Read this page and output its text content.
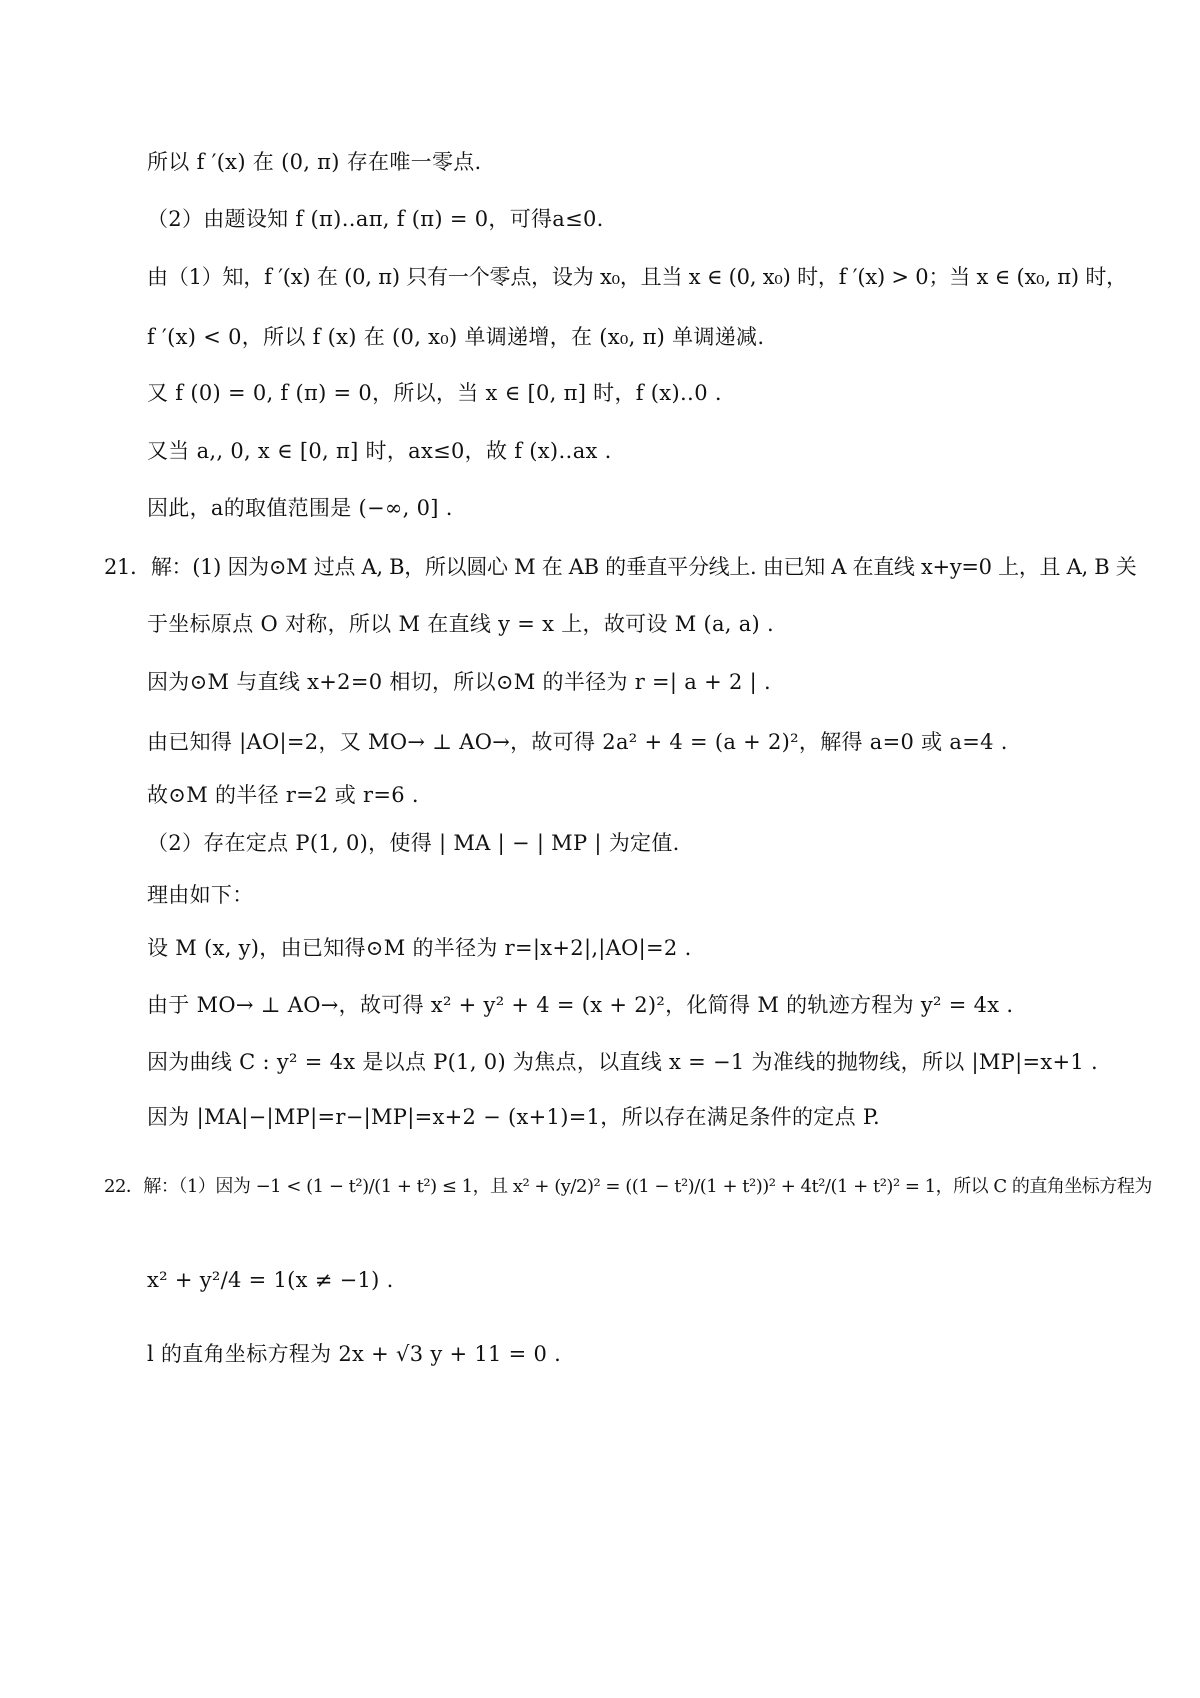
所以 f ′(x) 在 (0, π) 存在唯一零点.
（2）由题设知 f (π)‥aπ, f (π) = 0，可得a≤0.
由（1）知，f ′(x) 在 (0, π) 只有一个零点，设为 x₀，且当 x ∈ (0, x₀) 时，f ′(x) > 0；当 x ∈ (x₀, π) 时，
f ′(x) < 0，所以 f (x) 在 (0, x₀) 单调递增，在 (x₀, π) 单调递减.
又 f (0) = 0, f (π) = 0，所以，当 x ∈ [0, π] 时，f (x)‥0 .
又当 a,, 0, x ∈ [0, π] 时，ax≤0，故 f (x)‥ax .
因此，a的取值范围是 (−∞, 0] .
21．解：(1) 因为⊙M 过点 A, B，所以圆心 M 在 AB 的垂直平分线上. 由已知 A 在直线 x+y=0 上，且 A, B 关
于坐标原点 O 对称，所以 M 在直线 y = x 上，故可设 M (a, a) .
因为⊙M 与直线 x+2=0 相切，所以⊙M 的半径为 r =| a + 2 | .
由已知得 |AO|=2，又 MO→ ⊥ AO→，故可得 2a² + 4 = (a + 2)²，解得 a=0 或 a=4 .
故⊙M 的半径 r=2 或 r=6 .
（2）存在定点 P(1, 0)，使得 | MA | − | MP | 为定值.
理由如下：
设 M (x, y)，由已知得⊙M 的半径为 r=|x+2|,|AO|=2 .
由于 MO→ ⊥ AO→，故可得 x² + y² + 4 = (x + 2)²，化简得 M 的轨迹方程为 y² = 4x .
因为曲线 C : y² = 4x 是以点 P(1, 0) 为焦点，以直线 x = −1 为准线的抛物线，所以 |MP|=x+1 .
因为 |MA|−|MP|=r−|MP|=x+2 − (x+1)=1，所以存在满足条件的定点 P.
22．解：（1）因为 −1 < (1 − t²)/(1 + t²) ≤ 1，且 x² + (y/2)² = ((1 − t²)/(1 + t²))² + 4t²/(1 + t²)² = 1，所以 C 的直角坐标方程为
x² + y²/4 = 1(x ≠ −1) .
l 的直角坐标方程为 2x + √3 y + 11 = 0 .
